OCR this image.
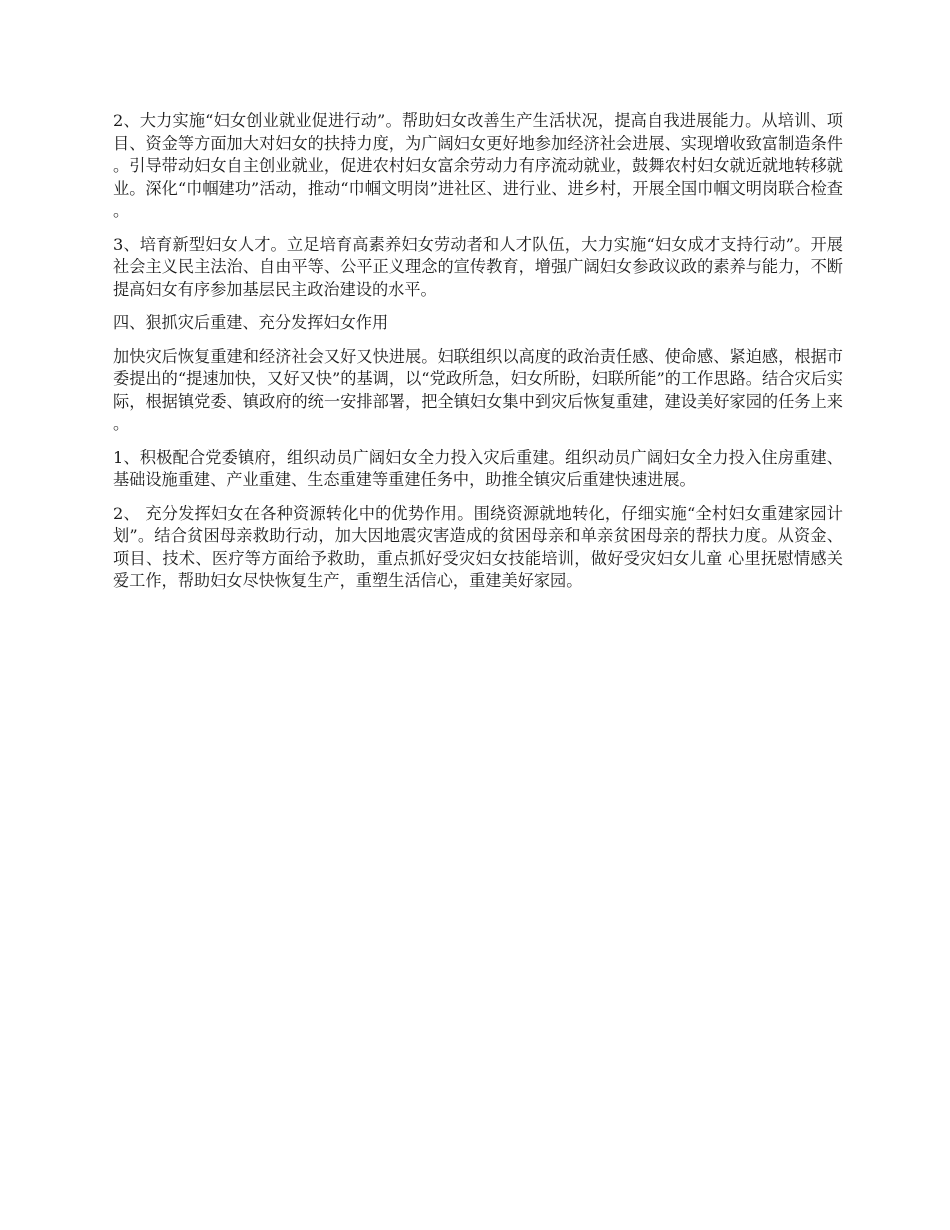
2、大力实施“妇女创业就业促进行动”。帮助妇女改善生产生活状况，提高自我进展能力。从培训、项目、资金等方面加大对妇女的扶持力度，为广阔妇女更好地参加经济社会进展、实现增收致富制造条件。引导带动妇女自主创业就业，促进农村妇女富余劳动力有序流动就业，鼓舞农村妇女就近就地转移就业。深化“巾帼建功”活动，推动“巾帼文明岗”进社区、进行业、进乡村，开展全国巾帼文明岗联合检查。

3、培育新型妇女人才。立足培育高素养妇女劳动者和人才队伍，大力实施“妇女成才支持行动”。开展社会主义民主法治、自由平等、公平正义理念的宣传教育，增强广阔妇女参政议政的素养与能力，不断提高妇女有序参加基层民主政治建设的水平。

四、狠抓灾后重建、充分发挥妇女作用

加快灾后恢复重建和经济社会又好又快进展。妇联组织以高度的政治责任感、使命感、紧迫感，根据市委提出的“提速加快，又好又快”的基调，以“党政所急，妇女所盼，妇联所能”的工作思路。结合灾后实际，根据镇党委、镇政府的统一安排部署，把全镇妇女集中到灾后恢复重建，建设美好家园的任务上来。

1、积极配合党委镇府，组织动员广阔妇女全力投入灾后重建。组织动员广阔妇女全力投入住房重建、基础设施重建、产业重建、生态重建等重建任务中，助推全镇灾后重建快速进展。

2、 充分发挥妇女在各种资源转化中的优势作用。围绕资源就地转化，仔细实施“全村妇女重建家园计划”。结合贫困母亲救助行动，加大因地震灾害造成的贫困母亲和单亲贫困母亲的帮扶力度。从资金、项目、技术、医疗等方面给予救助，重点抓好受灾妇女技能培训，做好受灾妇女儿童 心里抚慰情感关爱工作，帮助妇女尽快恢复生产，重塑生活信心，重建美好家园。
